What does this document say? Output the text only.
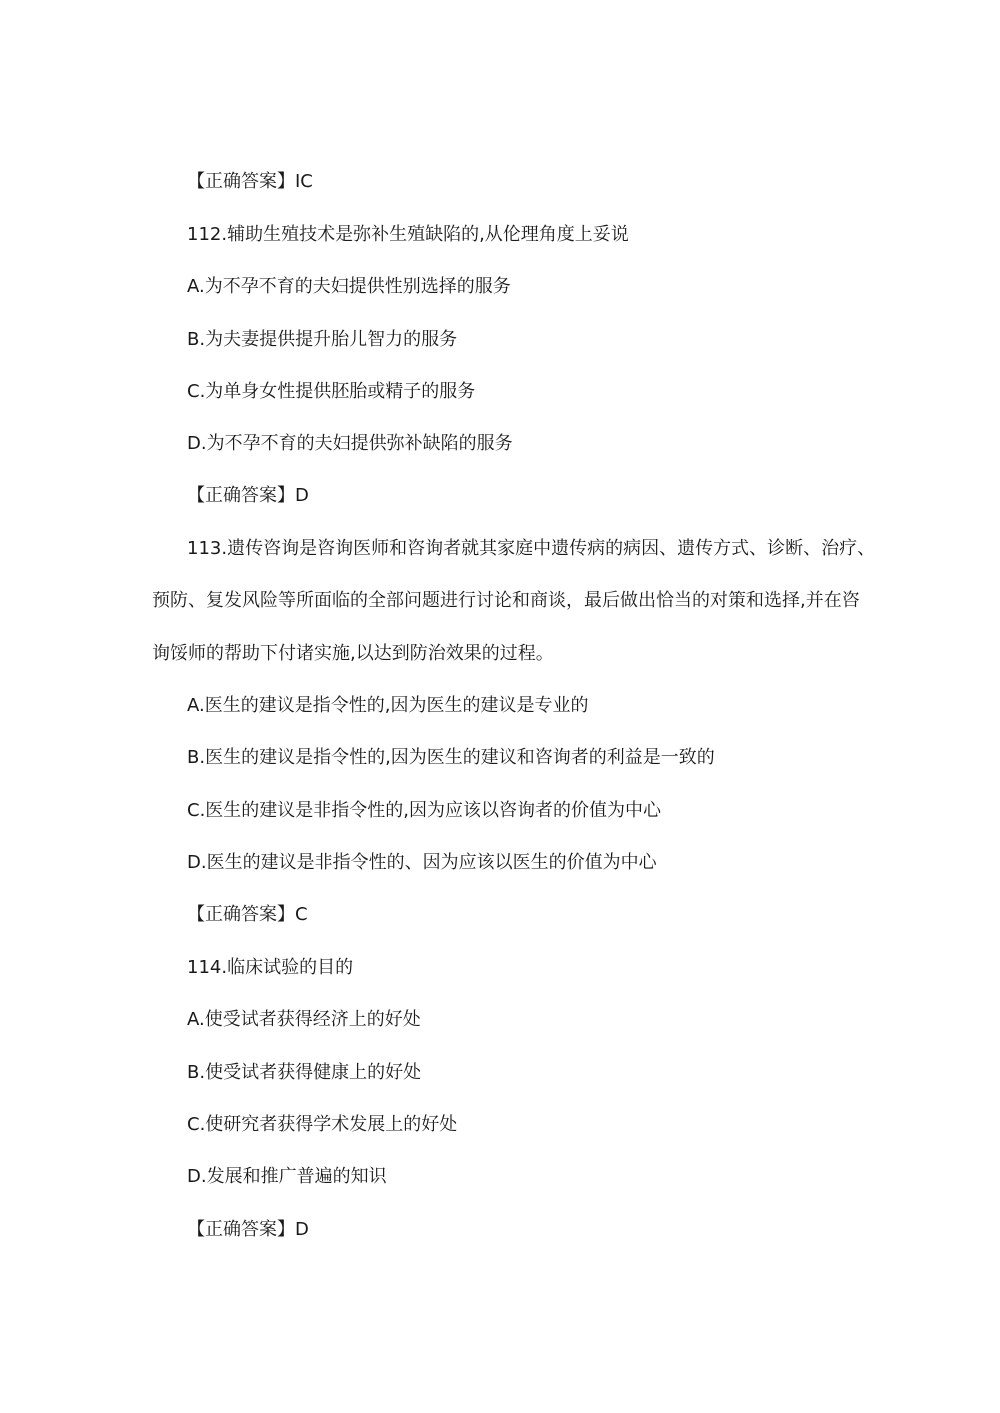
【正确答案】IC

112.辅助生殖技术是弥补生殖缺陷的,从伦理角度上妥说

A.为不孕不育的夫妇提供性别选择的服务

B.为夫妻提供提升胎儿智力的服务

C.为单身女性提供胚胎或精子的服务

D.为不孕不育的夫妇提供弥补缺陷的服务

【正确答案】D

113.遗传咨询是咨询医师和咨询者就其家庭中遗传病的病因、遗传方式、诊断、治疗、

预防、复发风险等所面临的全部问题进行讨论和商谈，最后做出恰当的对策和选择,并在咨

询馁师的帮助下付诸实施,以达到防治效果的过程。

A.医生的建议是指令性的,因为医生的建议是专业的

B.医生的建议是指令性的,因为医生的建议和咨询者的利益是一致的

C.医生的建议是非指令性的,因为应该以咨询者的价值为中心

D.医生的建议是非指令性的、因为应该以医生的价值为中心

【正确答案】C

114.临床试验的目的

A.使受试者获得经济上的好处

B.使受试者获得健康上的好处

C.使研究者获得学术发展上的好处

D.发展和推广普遍的知识

【正确答案】D
